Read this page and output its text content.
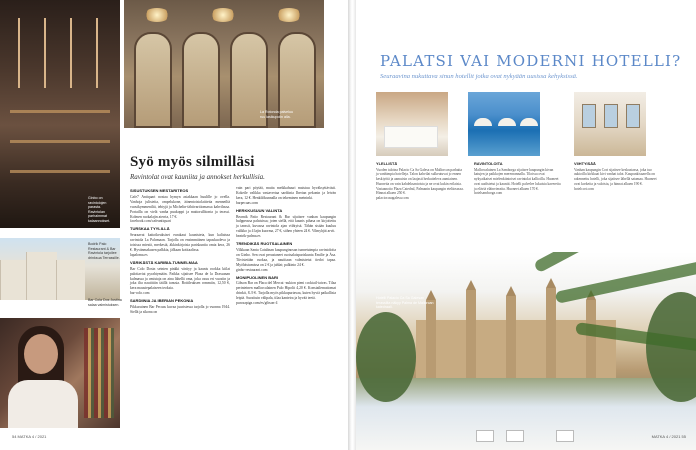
Ginbo on ravintolojen parasta. Ravintolan parhaimmat kalaannokset.
La Rotonda palveluu ruu lasikupolin alla.
Bodrik Palo Restaurant & Bar Ravintola tarjoilee drinksua Terrassille.
Bar Cola Dos Justina salaa valmistuksen.
Syö myös silmilläsi
Ravintolat ovat kauniita ja annokset herkullisia.
SISUSTUKSEN MESTARITEOS

Cafe7 Antiquari nostaa hymyn asiakkaan huulille jo ovella. Vanhoja julisteita, ompelukone, äänentoistolaitteita menneiltä vuosikymmeniltä, tehtyjä ja Michelin-tähtivarttiomassa kahvilassa. Portailla on vielä vanha puukoppi ja mattorullitonta ja terassi. Kolmen ruokalajin aterria, 17 €.

facebook.com/cafeantiquari
TURSKAA TYYLILLÄ

Seuraavat kattotkeuksiset eurakaut kaunisteta, kun kaliaissa ravintola La Palomaan. Tarjolla on ensimmäinen tapaskuoleva ja toisissa miestä, merkesiä, äkkinkirjoisia pariskuntia omia kera, 26 €. Hyvänmakusen palkkia, jälkaan kotitaalissa.

lapaloma.es
VÄRIKÄSTÄ KARIBIA-TUNNELMAA

Bar Colo Dosin seinien pinkki värityy ja kaunis rookka kiilat palotiaviat pyrahtymään. Paikka sijaitsee Plaza de la Drassanan kulmassa ja omistaja on aina lähellä oma, joka osuu eri vuosiin ja joka ilta nautittiin täällä tanssia. Bottileuksen rommiin, 12,50 €, kera maustepalaiseen teoksia.

bar-colo.com
SARDIINIA JA IBERIAN PEKONIA

Pikkuruinen Bar Pecuas kuvaa juuristessa tarjolla jo vuonna 1944. Siellä ja sikona on

vain pari pöytää, mutta meikkahuuri maistuu hyväksyttävästi. Kokeile valikka vastavertaa sardiinia Iberian pekonin ja leivän kera, 12 €. Henkilökunnalla on tekeminen meininki.

barpecuas.com
HERKKUSUUN VALINTA

Bearnik Patio Restaurant & Bar sijaitsee vanhan kaupungin hulppeassa palatsissa; joten siellä, että kaunis pihasa on kirjoitettu ja tanssit, kuvassa ravintola ajan viihtyisä. Tähän sisään kuuluu valikko ja 4 lajin kuorma, 27 €, siihen yhteen 24 €. Vilmyhjät arvit.

beatrik-palma.es
TRENDIKÄS RUOTSALAINEN

Vilkkaan Santa Catalinan kaupunginosan tunnetuimpia ravintoloita on Ginbo. Sen ovat perustaneet ruotsalaispariskunta Emilie ja Åsa. Tiivistetään ruokaa, ja nautitaan valmistetut tiedot tapaa. Myöhästumissa on 2 € ja juhlat; palkinto 24 €.

ginbo-restaurant.com
MONIPUOLINEN BARI

Gibson Bar on Placa del Mercat -aukion pieni cocktail-taivas. Tilaa perinteinen mallorcalainen Palo Hipolit 4,20 €. Konstailemattomat drinkit, 8–9 €. Tarjolla myös pikkupurtavaa, kuten hyviä paikallisia leipiä. Suosituin välipala, tilaa kanteira ja hyvää teetä.

purosapiga.com/es/gibson-4
54 MATKA 4 / 2021
PALATSI VAI MODERNI HOTELLI?
Seuraavina nukuttava sinun hotellit jotka ovat nykyään uusissa kehyksissä.
YLELLISTÄ

Vuoden taloina Palacio Ca Sa Galesa on Mallorcan parhaita ja vanhimpia hotelleja. Talon kahvilat sulkeutuvat jo ennen keskiyötä ja aamuisin on laajasti herkutteleva aamiainen. Huoneita on vain kahdeksantoista ja ne ovat kukin erilaisia. Vastaanotto Plaza Catedral, Palmanin kaupungin eteläosassa. Hinnat alkaen 250 €.

palaciocasagalesa.com

RAVINTOLOITA

Mallorcalainen La Samborga sijaitsee kaupungin kivan katujen ja paikkojen merenrannalla. Tiloissa ovat nykyaikaiset mielenkiintoiset ravintolat kallioilla. Huoneet ovat uudistetut ja kauniit. Hotelli palvelee lukuisia kavereita ja eläviä eläinvieraita. Huoneet alkaen 170 €.

hotelsamborga.com

VIIHTYISÄÄ

Vanhan kaupungin Cort sijaitsee keskustassa, joka tuo aukioilla kirkkaat kivi vanhat talot. Kaupunkisaarella on rakennettu hotelli, joka sijaitsee lähellä satamaa. Huoneet ovat korkeita ja valoisia, ja hinnat alkaen 190 €.

hotelcort.com

Hotelli Palacio Ca Sa Galesan terassilta näkyy Palma de Mallorcan katedraali.
MATKA 4 / 2021 55
